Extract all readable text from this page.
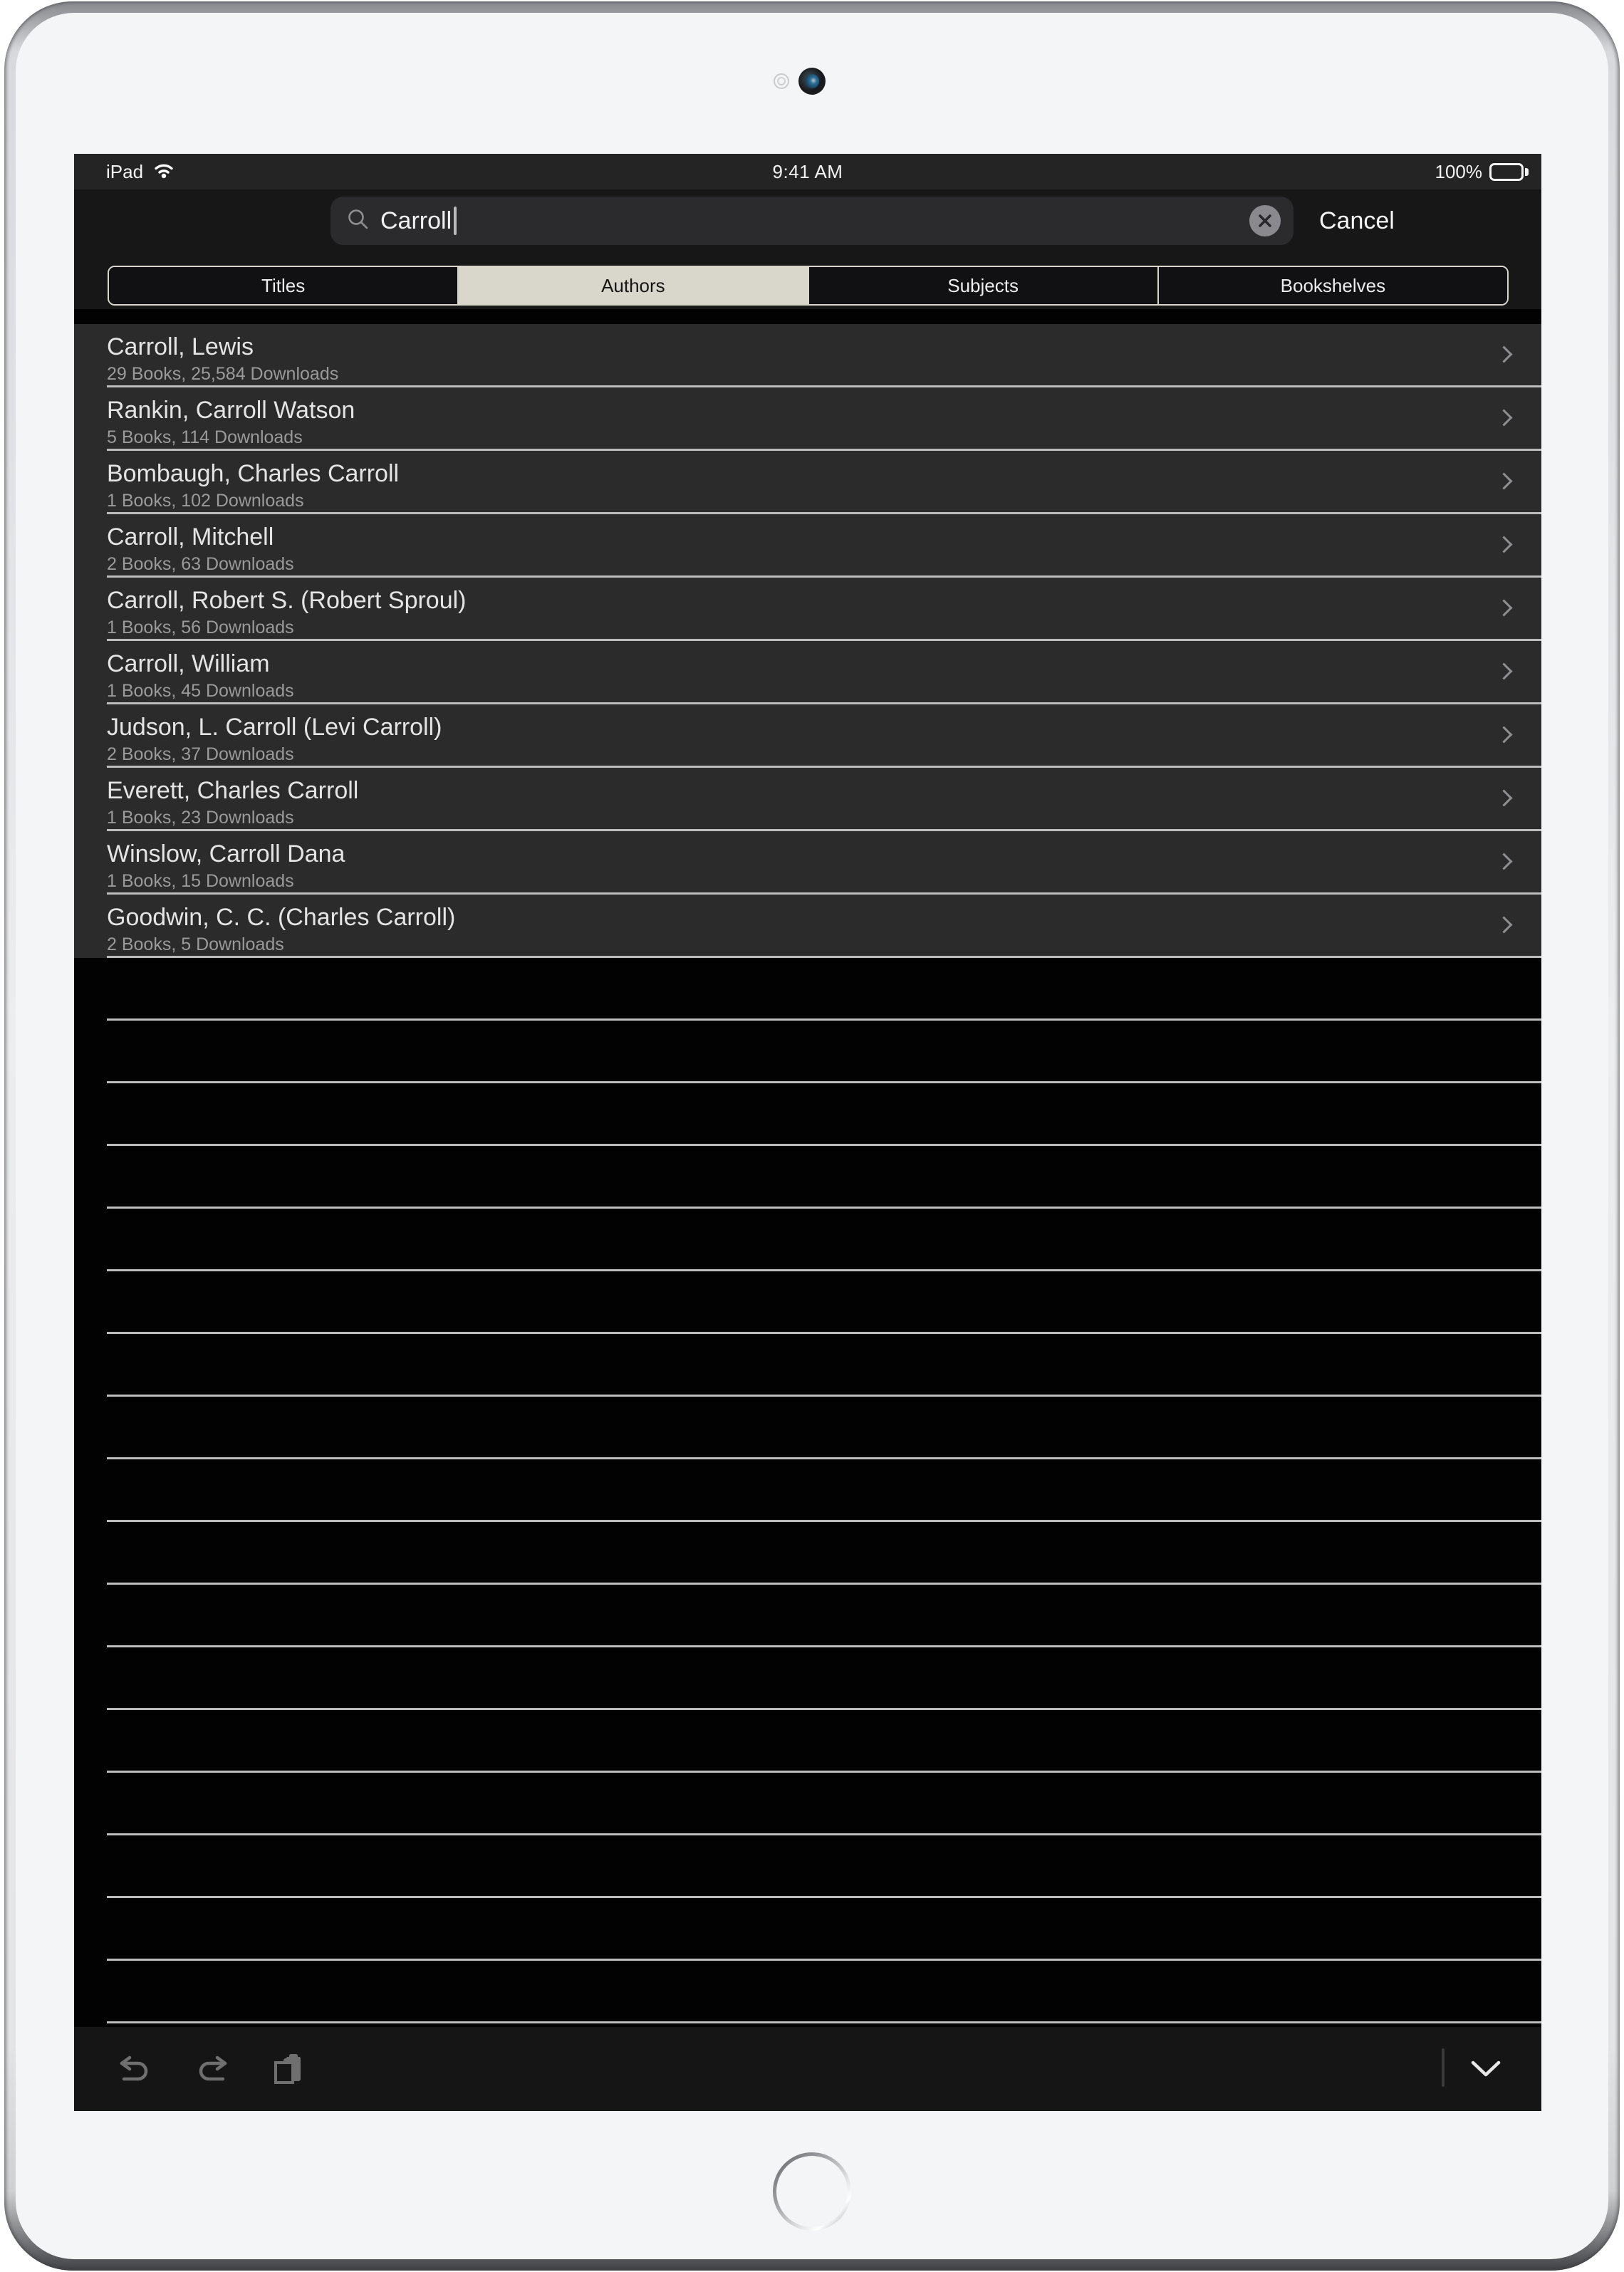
9:41 AM
iPad	100%
Carroll	Cancel
Titles	Authors	Subjects	Bookshelves
Carroll, Lewis
29 Books, 25,584 Downloads
Rankin, Carroll Watson
5 Books, 114 Downloads
Bombaugh, Charles Carroll
1 Books, 102 Downloads
Carroll, Mitchell
2 Books, 63 Downloads
Carroll, Robert S. (Robert Sproul)
1 Books, 56 Downloads
Carroll, William
1 Books, 45 Downloads
Judson, L. Carroll (Levi Carroll)
2 Books, 37 Downloads
Everett, Charles Carroll
1 Books, 23 Downloads
Winslow, Carroll Dana
1 Books, 15 Downloads
Goodwin, C. C. (Charles Carroll)
2 Books, 5 Downloads
